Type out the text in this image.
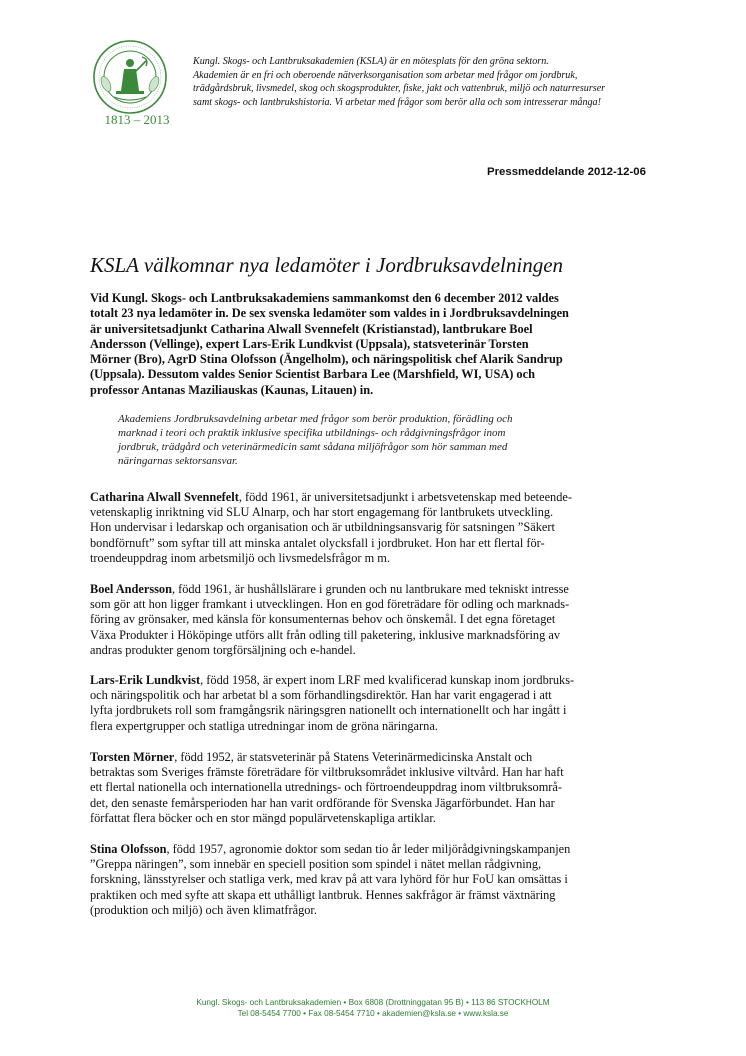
1813 – 2013
Kungl. Skogs- och Lantbruksakademien (KSLA) är en mötesplats för den gröna sektorn.
Akademien är en fri och oberoende nätverksorganisation som arbetar med frågor om jordbruk,
trädgårdsbruk, livsmedel, skog och skogsprodukter, fiske, jakt och vattenbruk, miljö och naturresurser
samt skogs- och lantbrukshistoria. Vi arbetar med frågor som berör alla och som intresserar många!
Pressmeddelande 2012-12-06
KSLA välkomnar nya ledamöter i Jordbruksavdelningen
Vid Kungl. Skogs- och Lantbruksakademiens sammankomst den 6 december 2012 valdes
totalt 23 nya ledamöter in. De sex svenska ledamöter som valdes in i Jordbruksavdelningen
är universitetsadjunkt Catharina Alwall Svennefelt (Kristianstad), lantbrukare Boel
Andersson (Vellinge), expert Lars-Erik Lundkvist (Uppsala), statsveterinär Torsten
Mörner (Bro), AgrD Stina Olofsson (Ängelholm), och näringspolitisk chef Alarik Sandrup
(Uppsala). Dessutom valdes Senior Scientist Barbara Lee (Marshfield, WI, USA) och
professor Antanas Maziliauskas (Kaunas, Litauen) in.
Akademiens Jordbruksavdelning arbetar med frågor som berör produktion, förädling och
marknad i teori och praktik inklusive specifika utbildnings- och rådgivningsfrågor inom
jordbruk, trädgård och veterinärmedicin samt sådana miljöfrågor som hör samman med
näringarnas sektorsansvar.
Catharina Alwall Svennefelt, född 1961, är universitetsadjunkt i arbetsvetenskap med beteende-
vetenskaplig inriktning vid SLU Alnarp, och har stort engagemang för lantbrukets utveckling.
Hon undervisar i ledarskap och organisation och är utbildningsansvarig för satsningen ”Säkert
bondförnuft” som syftar till att minska antalet olycksfall i jordbruket. Hon har ett flertal för-
troendeuppdrag inom arbetsmiljö och livsmedelsfrågor m m.
Boel Andersson, född 1961, är hushållslärare i grunden och nu lantbrukare med tekniskt intresse
som gör att hon ligger framkant i utvecklingen. Hon en god företrädare för odling och marknads-
föring av grönsaker, med känsla för konsumenternas behov och önskemål. I det egna företaget
Växa Produkter i Hököpinge utförs allt från odling till paketering, inklusive marknadsföring av
andras produkter genom torgförsäljning och e-handel.
Lars-Erik Lundkvist, född 1958, är expert inom LRF med kvalificerad kunskap inom jordbruks-
och näringspolitik och har arbetat bl a som förhandlingsdirektör. Han har varit engagerad i att
lyfta jordbrukets roll som framgångsrik näringsgren nationellt och internationellt och har ingått i
flera expertgrupper och statliga utredningar inom de gröna näringarna.
Torsten Mörner, född 1952, är statsveterinär på Statens Veterinärmedicinska Anstalt och
betraktas som Sveriges främste företrädare för viltbruksområdet inklusive viltvård. Han har haft
ett flertal nationella och internationella utrednings- och förtroendeuppdrag inom viltbruksområ-
det, den senaste femårsperioden har han varit ordförande för Svenska Jägarförbundet. Han har
författat flera böcker och en stor mängd populärvetenskapliga artiklar.
Stina Olofsson, född 1957, agronomie doktor som sedan tio år leder miljörådgivningskampanjen
”Greppa näringen”, som innebär en speciell position som spindel i nätet mellan rådgivning,
forskning, länsstyrelser och statliga verk, med krav på att vara lyhörd för hur FoU kan omsättas i
praktiken och med syfte att skapa ett uthålligt lantbruk. Hennes sakfrågor är främst växtnäring
(produktion och miljö) och även klimatfrågor.
Kungl. Skogs- och Lantbruksakademien • Box 6808 (Drottninggatan 95 B) • 113 86 STOCKHOLM
Tel 08-5454 7700 • Fax 08-5454 7710 • akademien@ksla.se • www.ksla.se
